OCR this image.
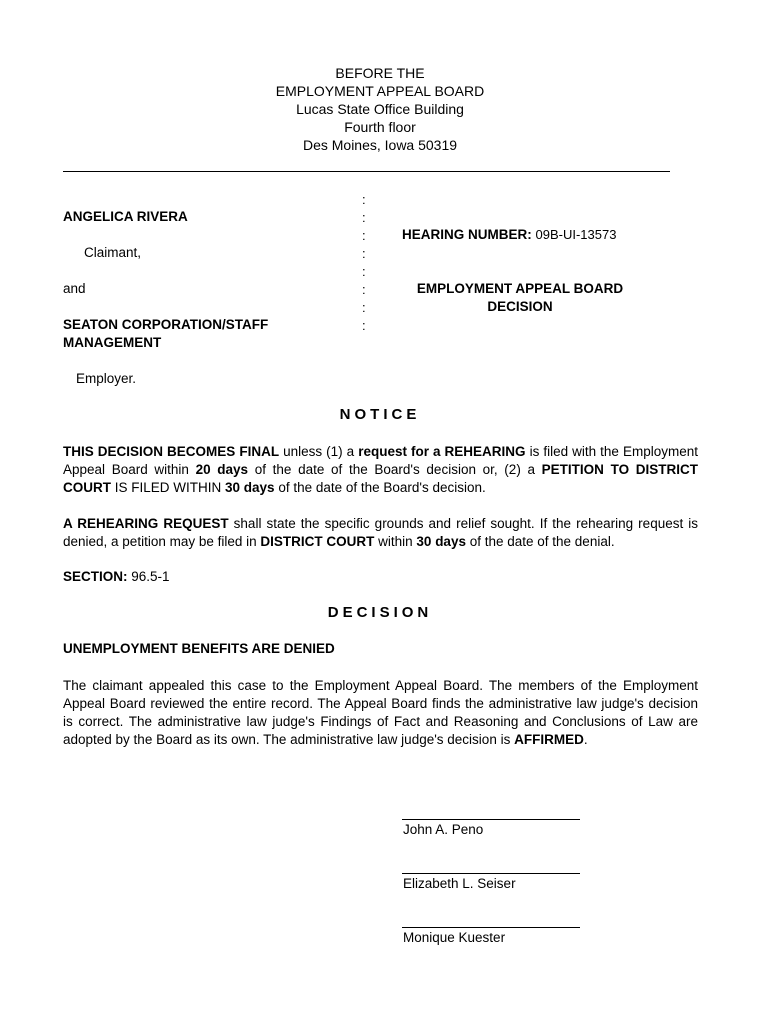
BEFORE THE
EMPLOYMENT APPEAL BOARD
Lucas State Office Building
Fourth floor
Des Moines, Iowa 50319
ANGELICA RIVERA
Claimant,
and
SEATON CORPORATION/STAFF
MANAGEMENT
Employer.
:
:
:
:
:
:
:
:
HEARING NUMBER: 09B-UI-13573
EMPLOYMENT APPEAL BOARD
DECISION
NOTICE

THIS DECISION BECOMES FINAL unless (1) a request for a REHEARING is filed with the Employment Appeal Board within 20 days of the date of the Board's decision or, (2) a PETITION TO DISTRICT COURT IS FILED WITHIN 30 days of the date of the Board's decision.

A REHEARING REQUEST shall state the specific grounds and relief sought. If the rehearing request is denied, a petition may be filed in DISTRICT COURT within 30 days of the date of the denial.

SECTION: 96.5-1
DECISION
UNEMPLOYMENT BENEFITS ARE DENIED

The claimant appealed this case to the Employment Appeal Board. The members of the Employment Appeal Board reviewed the entire record. The Appeal Board finds the administrative law judge's decision is correct. The administrative law judge's Findings of Fact and Reasoning and Conclusions of Law are adopted by the Board as its own. The administrative law judge's decision is AFFIRMED.

John A. Peno
Elizabeth L. Seiser
Monique Kuester
